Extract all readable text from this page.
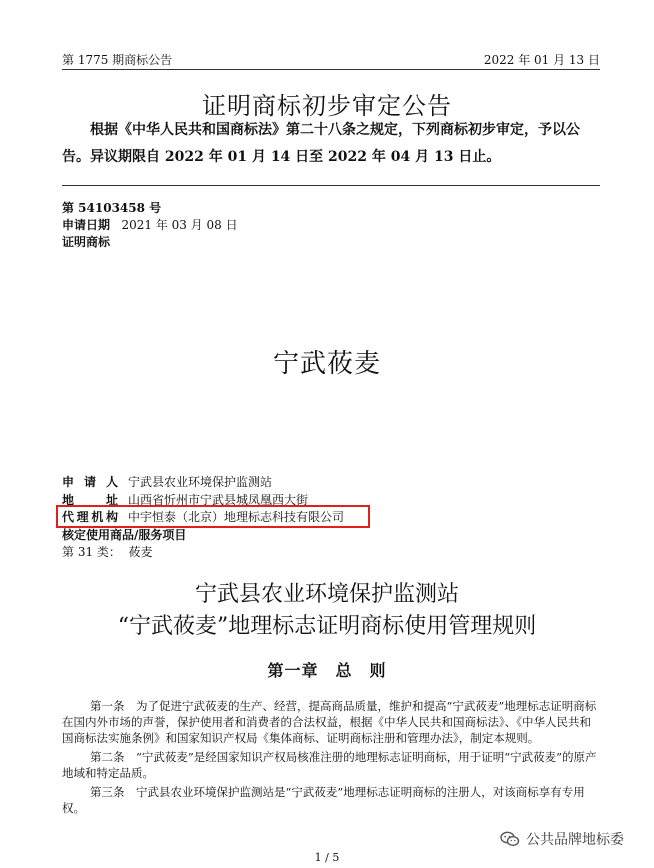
第 1775 期商标公告	2022 年 01 月 13 日
证明商标初步审定公告

根据《中华人民共和国商标法》第二十八条之规定，下列商标初步审定，予以公告。异议期限自 2022 年 01 月 14 日至 2022 年 04 月 13 日止。

第 54103458 号
申请日期 2021 年 03 月 08 日
证明商标
宁武莜麦
申请人 宁武县农业环境保护监测站
地址 山西省忻州市宁武县城凤凰西大街
代理机构 中宇恒泰（北京）地理标志科技有限公司
核定使用商品/服务项目
第 31 类： 莜麦
宁武县农业环境保护监测站
“宁武莜麦”地理标志证明商标使用管理规则
第一章　总　则

第一条　为了促进宁武莜麦的生产、经营，提高商品质量，维护和提高“宁武莜麦”地理标志证明商标在国内外市场的声誉，保护使用者和消费者的合法权益，根据《中华人民共和国商标法》、《中华人民共和国商标法实施条例》和国家知识产权局《集体商标、证明商标注册和管理办法》，制定本规则。

第二条　“宁武莜麦”是经国家知识产权局核准注册的地理标志证明商标，用于证明“宁武莜麦”的原产地域和特定品质。

第三条　宁武县农业环境保护监测站是“宁武莜麦”地理标志证明商标的注册人，对该商标享有专用权。

公共品牌地标委
1 / 5
